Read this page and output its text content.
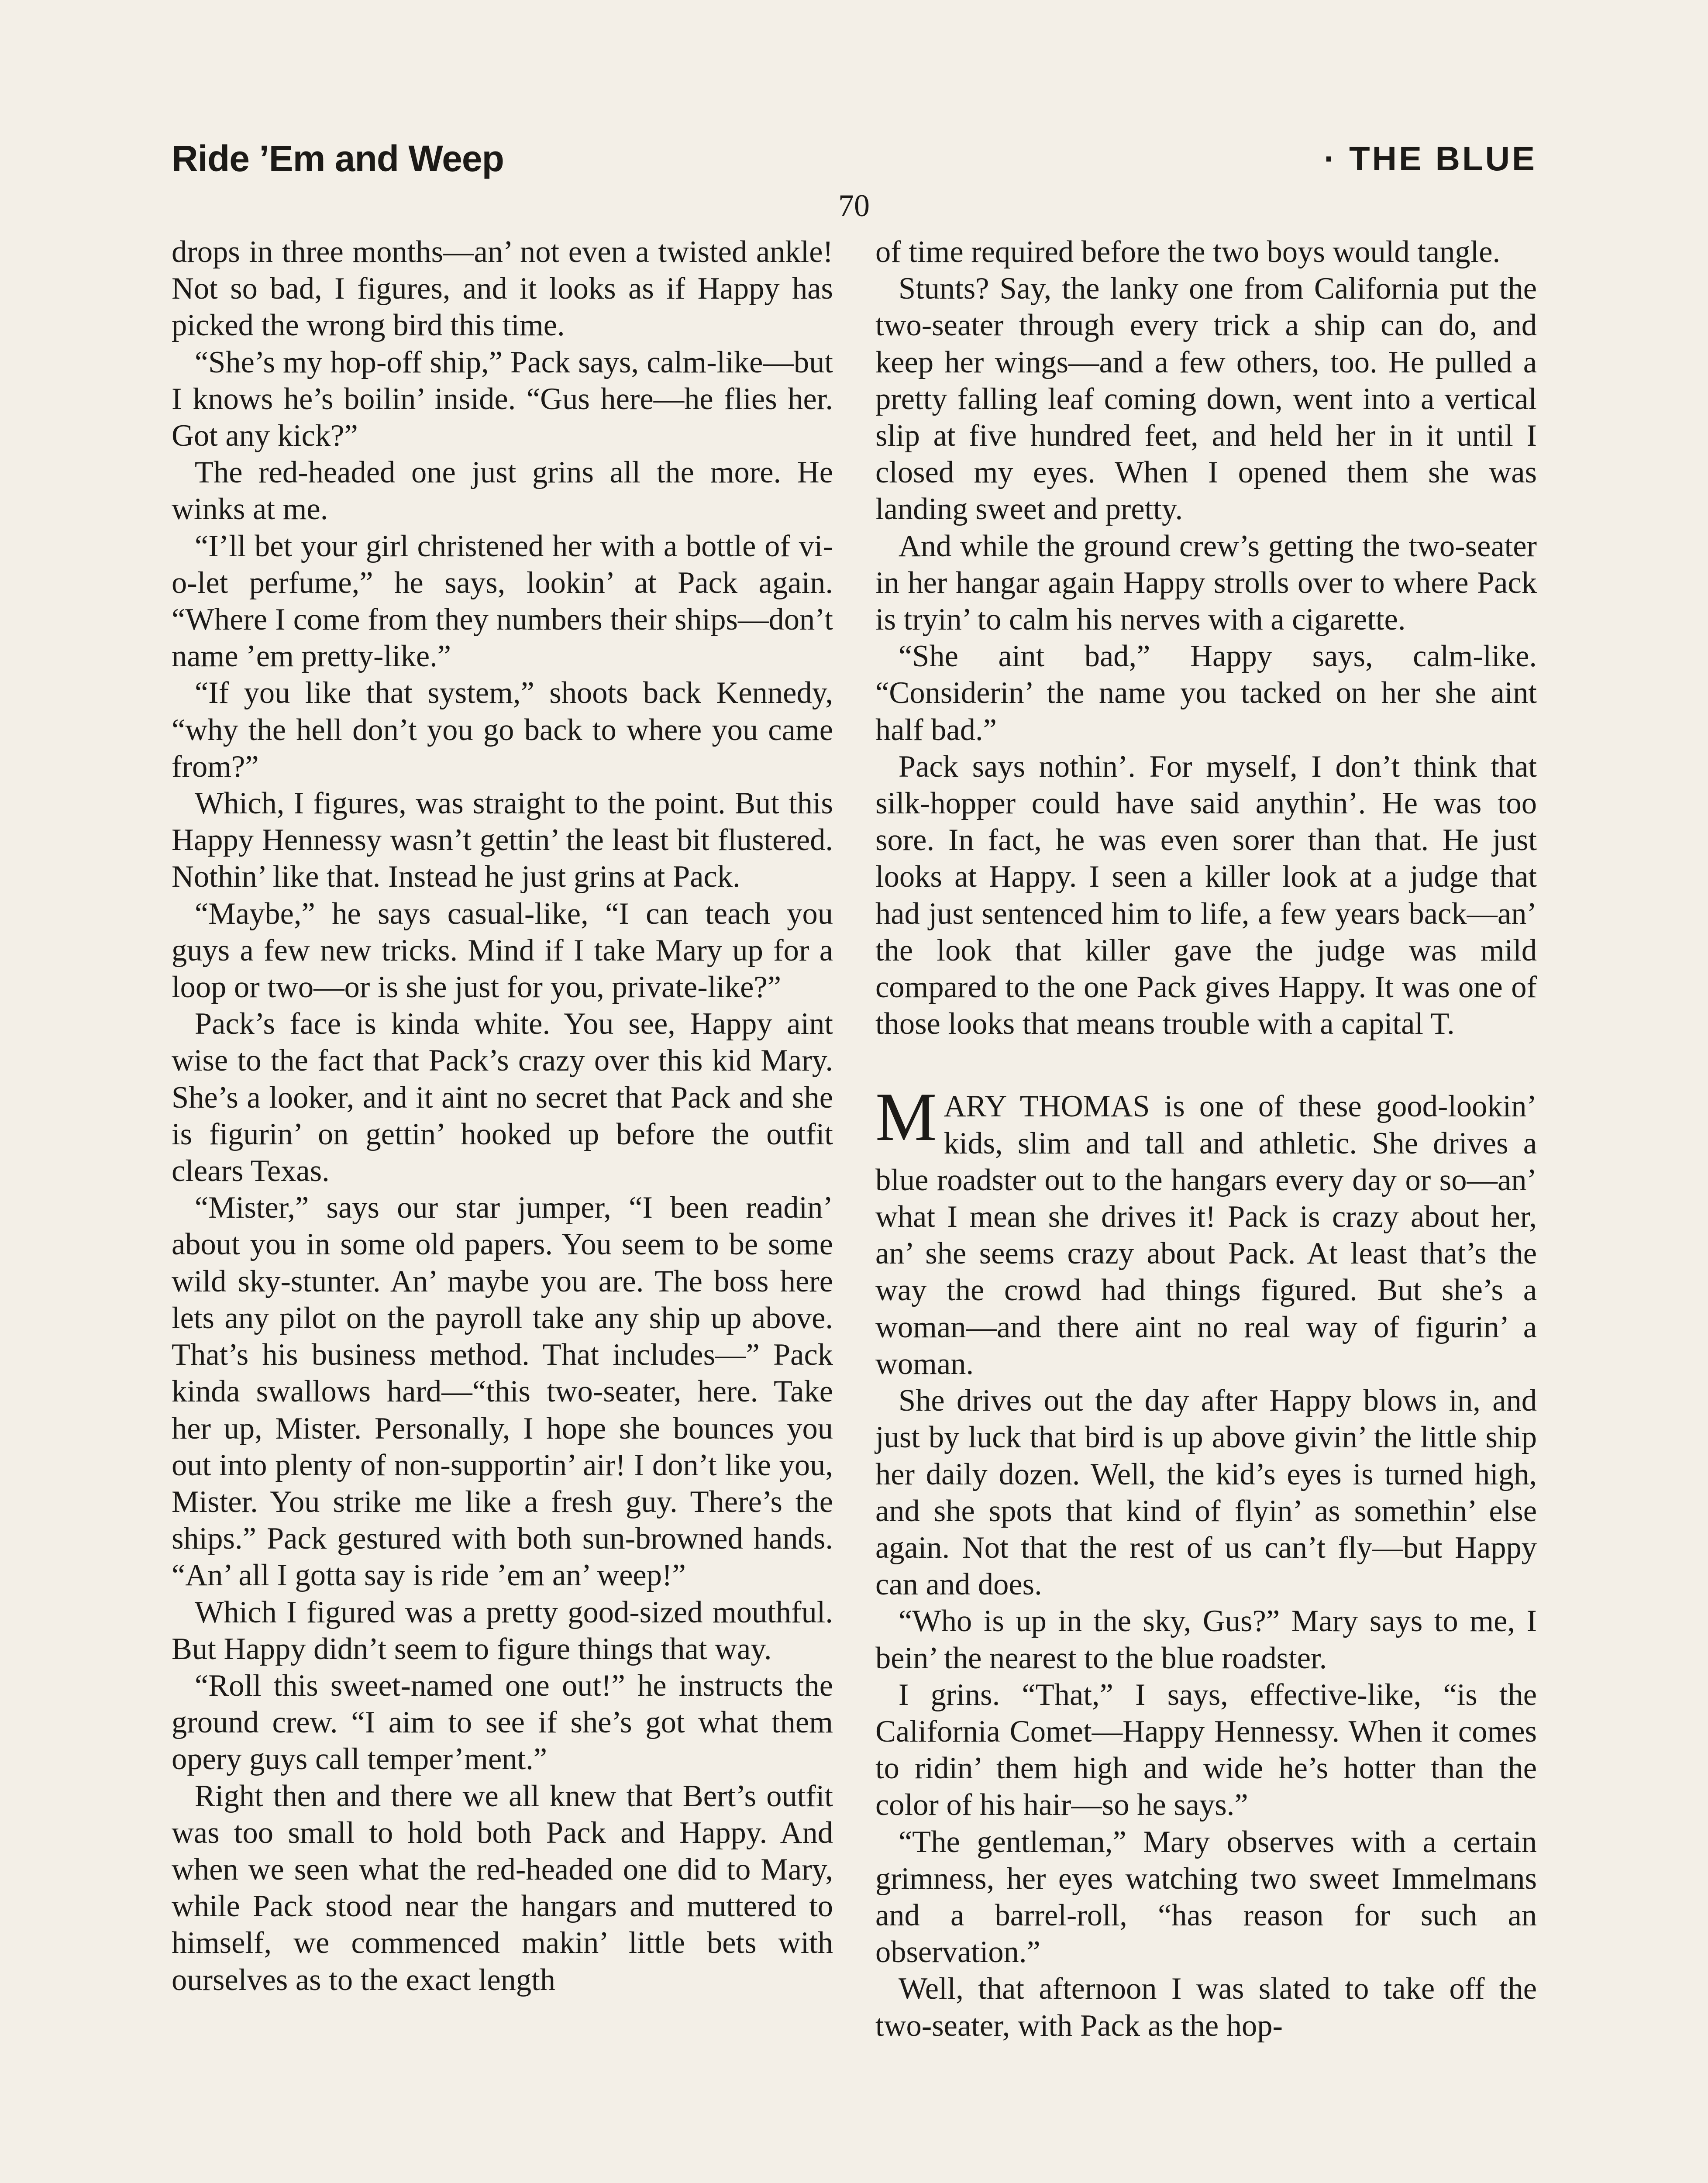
Ride ’Em and Weep	· THE BLUE
70

drops in three months—an’ not even a twisted ankle! Not so bad, I figures, and it looks as if Happy has picked the wrong bird this time.

“She’s my hop-off ship,” Pack says, calm-like—but I knows he’s boilin’ inside. “Gus here—he flies her. Got any kick?”

The red-headed one just grins all the more. He winks at me.

“I’ll bet your girl christened her with a bottle of vi-o-let perfume,” he says, lookin’ at Pack again. “Where I come from they numbers their ships—don’t name ’em pretty-like.”

“If you like that system,” shoots back Kennedy, “why the hell don’t you go back to where you came from?”

Which, I figures, was straight to the point. But this Happy Hennessy wasn’t gettin’ the least bit flustered. Nothin’ like that. Instead he just grins at Pack.

“Maybe,” he says casual-like, “I can teach you guys a few new tricks. Mind if I take Mary up for a loop or two—or is she just for you, private-like?”

Pack’s face is kinda white. You see, Happy aint wise to the fact that Pack’s crazy over this kid Mary. She’s a looker, and it aint no secret that Pack and she is figurin’ on gettin’ hooked up before the outfit clears Texas.

“Mister,” says our star jumper, “I been readin’ about you in some old papers. You seem to be some wild sky-stunter. An’ maybe you are. The boss here lets any pilot on the payroll take any ship up above. That’s his business method. That includes—” Pack kinda swallows hard—“this two-seater, here. Take her up, Mister. Personally, I hope she bounces you out into plenty of non-supportin’ air! I don’t like you, Mister. You strike me like a fresh guy. There’s the ships.” Pack gestured with both sun-browned hands. “An’ all I gotta say is ride ’em an’ weep!”

Which I figured was a pretty good-sized mouthful. But Happy didn’t seem to figure things that way.

“Roll this sweet-named one out!” he instructs the ground crew. “I aim to see if she’s got what them opery guys call temper’ment.”

Right then and there we all knew that Bert’s outfit was too small to hold both Pack and Happy. And when we seen what the red-headed one did to Mary, while Pack stood near the hangars and muttered to himself, we commenced makin’ little bets with ourselves as to the exact length

of time required before the two boys would tangle.

Stunts? Say, the lanky one from California put the two-seater through every trick a ship can do, and keep her wings—and a few others, too. He pulled a pretty falling leaf coming down, went into a vertical slip at five hundred feet, and held her in it until I closed my eyes. When I opened them she was landing sweet and pretty.

And while the ground crew’s getting the two-seater in her hangar again Happy strolls over to where Pack is tryin’ to calm his nerves with a cigarette.

“She aint bad,” Happy says, calm-like. “Considerin’ the name you tacked on her she aint half bad.”

Pack says nothin’. For myself, I don’t think that silk-hopper could have said anythin’. He was too sore. In fact, he was even sorer than that. He just looks at Happy. I seen a killer look at a judge that had just sentenced him to life, a few years back—an’ the look that killer gave the judge was mild compared to the one Pack gives Happy. It was one of those looks that means trouble with a capital T.

MARY THOMAS is one of these good-lookin’ kids, slim and tall and athletic. She drives a blue roadster out to the hangars every day or so—an’ what I mean she drives it! Pack is crazy about her, an’ she seems crazy about Pack. At least that’s the way the crowd had things figured. But she’s a woman—and there aint no real way of figurin’ a woman.

She drives out the day after Happy blows in, and just by luck that bird is up above givin’ the little ship her daily dozen. Well, the kid’s eyes is turned high, and she spots that kind of flyin’ as somethin’ else again. Not that the rest of us can’t fly—but Happy can and does.

“Who is up in the sky, Gus?” Mary says to me, I bein’ the nearest to the blue roadster.

I grins. “That,” I says, effective-like, “is the California Comet—Happy Hennessy. When it comes to ridin’ them high and wide he’s hotter than the color of his hair—so he says.”

“The gentleman,” Mary observes with a certain grimness, her eyes watching two sweet Immelmans and a barrel-roll, “has reason for such an observation.”

Well, that afternoon I was slated to take off the two-seater, with Pack as the hop-
